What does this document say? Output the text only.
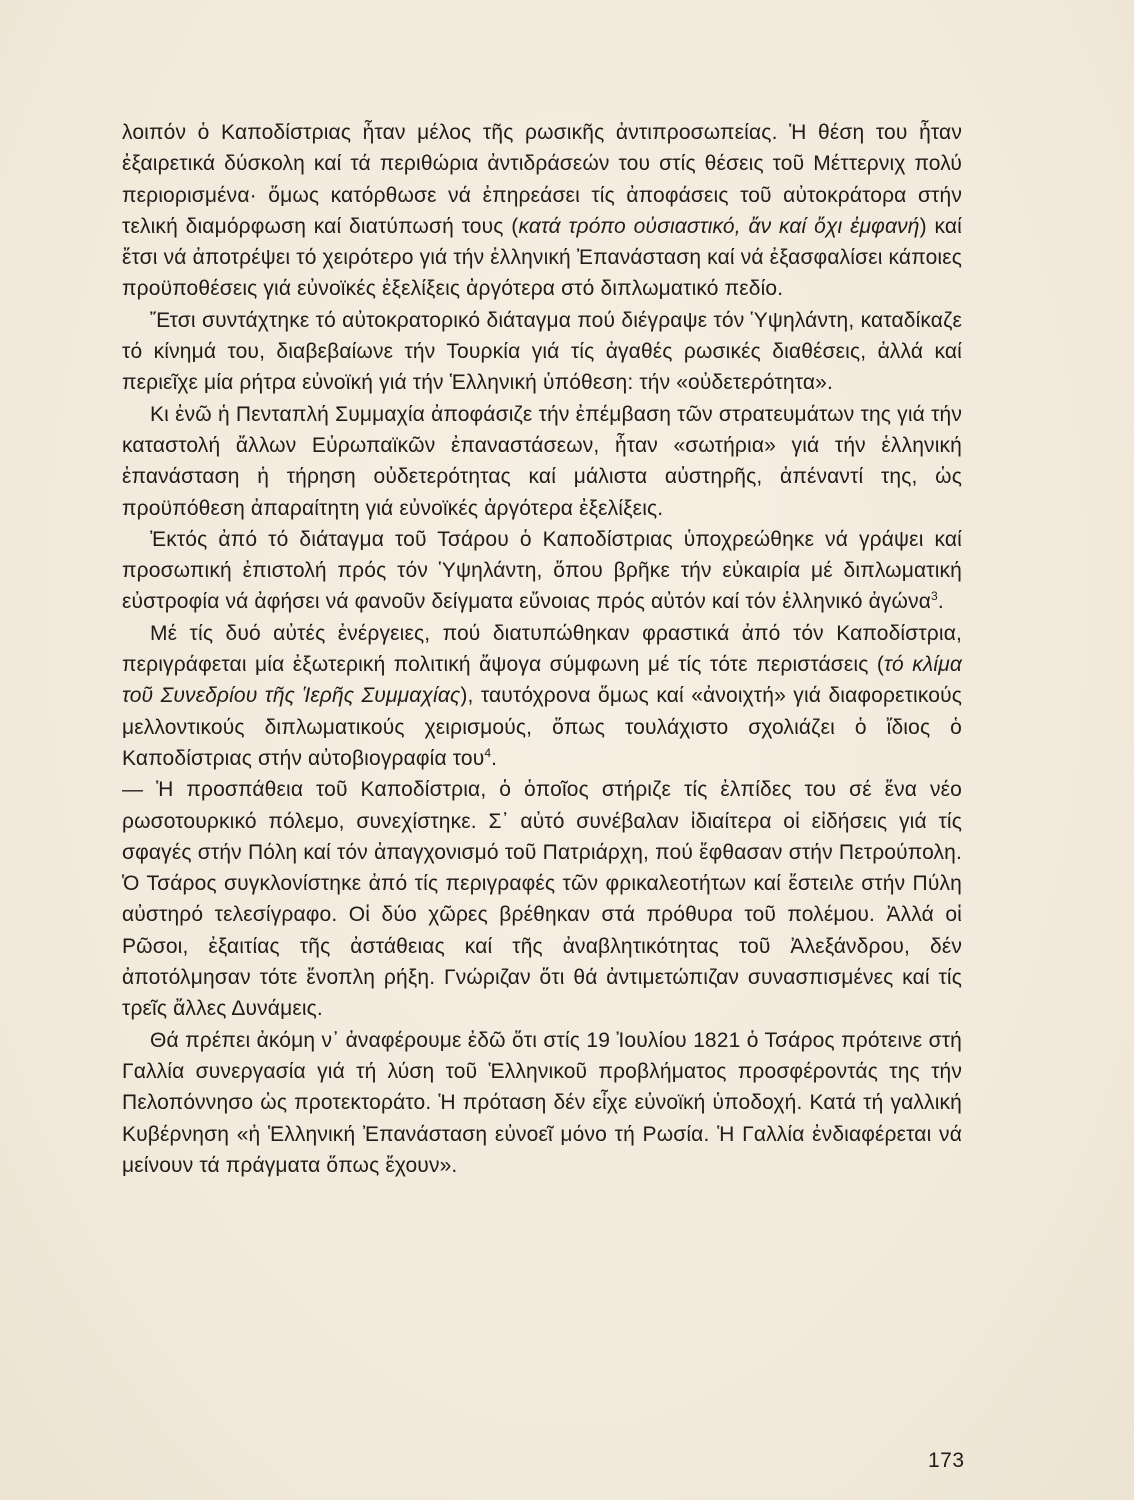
λοιπόν ὁ Καποδίστριας ἦταν μέλος τῆς ρωσικῆς ἀντιπροσωπείας. Ἡ θέση του ἦταν ἐξαιρετικά δύσκολη καί τά περιθώρια ἀντιδράσεών του στίς θέσεις τοῦ Μέττερνιχ πολύ περιορισμένα· ὅμως κατόρθωσε νά ἐπηρεάσει τίς ἀποφάσεις τοῦ αὐτοκράτορα στήν τελική διαμόρφωση καί διατύπωσή τους (κατά τρόπο οὐσιαστικό, ἄν καί ὄχι ἐμφανή) καί ἔτσι νά ἀποτρέψει τό χειρότερο γιά τήν ἑλληνική Ἐπανάσταση καί νά ἐξασφαλίσει κάποιες προϋποθέσεις γιά εὐνοϊκές ἐξελίξεις ἀργότερα στό διπλωματικό πεδίο.

Ἔτσι συντάχτηκε τό αὐτοκρατορικό διάταγμα πού διέγραψε τόν Ὑψηλάντη, καταδίκαζε τό κίνημά του, διαβεβαίωνε τήν Τουρκία γιά τίς ἀγαθές ρωσικές διαθέσεις, ἀλλά καί περιεῖχε μία ρήτρα εὐνοϊκή γιά τήν Ἑλληνική ὑπόθεση: τήν «οὐδετερότητα».

Κι ἐνῶ ἡ Πενταπλή Συμμαχία ἀποφάσιζε τήν ἐπέμβαση τῶν στρατευμάτων της γιά τήν καταστολή ἄλλων Εὐρωπαϊκῶν ἐπαναστάσεων, ἦταν «σωτήρια» γιά τήν ἑλληνική ἐπανάσταση ἡ τήρηση οὐδετερότητας καί μάλιστα αὐστηρῆς, ἀπέναντί της, ὡς προϋπόθεση ἀπαραίτητη γιά εὐνοϊκές ἀργότερα ἐξελίξεις.

Ἐκτός ἀπό τό διάταγμα τοῦ Τσάρου ὁ Καποδίστριας ὑποχρεώθηκε νά γράψει καί προσωπική ἐπιστολή πρός τόν Ὑψηλάντη, ὅπου βρῆκε τήν εὐκαιρία μέ διπλωματική εὐστροφία νά ἀφήσει νά φανοῦν δείγματα εὔνοιας πρός αὐτόν καί τόν ἑλληνικό ἀγώνα$^3$.

Μέ τίς δυό αὐτές ἐνέργειες, πού διατυπώθηκαν φραστικά ἀπό τόν Καποδίστρια, περιγράφεται μία ἐξωτερική πολιτική ἄψογα σύμφωνη μέ τίς τότε περιστάσεις (τό κλίμα τοῦ Συνεδρίου τῆς Ἱερῆς Συμμαχίας), ταυτόχρονα ὅμως καί «ἀνοιχτή» γιά διαφορετικούς μελλοντικούς διπλωματικούς χειρισμούς, ὅπως τουλάχιστο σχολιάζει ὁ ἴδιος ὁ Καποδίστριας στήν αὐτοβιογραφία του$^4$.

— Ἡ προσπάθεια τοῦ Καποδίστρια, ὁ ὁποῖος στήριζε τίς ἐλπίδες του σέ ἕνα νέο ρωσοτουρκικό πόλεμο, συνεχίστηκε. Σ᾽ αὐτό συνέβαλαν ἰδιαίτερα οἱ εἰδήσεις γιά τίς σφαγές στήν Πόλη καί τόν ἀπαγχονισμό τοῦ Πατριάρχη, πού ἔφθασαν στήν Πετρούπολη. Ὁ Τσάρος συγκλονίστηκε ἀπό τίς περιγραφές τῶν φρικαλεοτήτων καί ἔστειλε στήν Πύλη αὐστηρό τελεσίγραφο. Οἱ δύο χῶρες βρέθηκαν στά πρόθυρα τοῦ πολέμου. Ἀλλά οἱ Ρῶσοι, ἐξαιτίας τῆς ἀστάθειας καί τῆς ἀναβλητικότητας τοῦ Ἀλεξάνδρου, δέν ἀποτόλμησαν τότε ἔνοπλη ρήξη. Γνώριζαν ὅτι θά ἀντιμετώπιζαν συνασπισμένες καί τίς τρεῖς ἄλλες Δυνάμεις.

Θά πρέπει ἀκόμη ν᾽ ἀναφέρουμε ἐδῶ ὅτι στίς 19 Ἰουλίου 1821 ὁ Τσάρος πρότεινε στή Γαλλία συνεργασία γιά τή λύση τοῦ Ἑλληνικοῦ προβλήματος προσφέροντάς της τήν Πελοπόννησο ὡς προτεκτοράτο. Ἡ πρόταση δέν εἶχε εὐνοϊκή ὑποδοχή. Κατά τή γαλλική Κυβέρνηση «ἡ Ἑλληνική Ἐπανάσταση εὐνοεῖ μόνο τή Ρωσία. Ἡ Γαλλία ἐνδιαφέρεται νά μείνουν τά πράγματα ὅπως ἔχουν».

173
